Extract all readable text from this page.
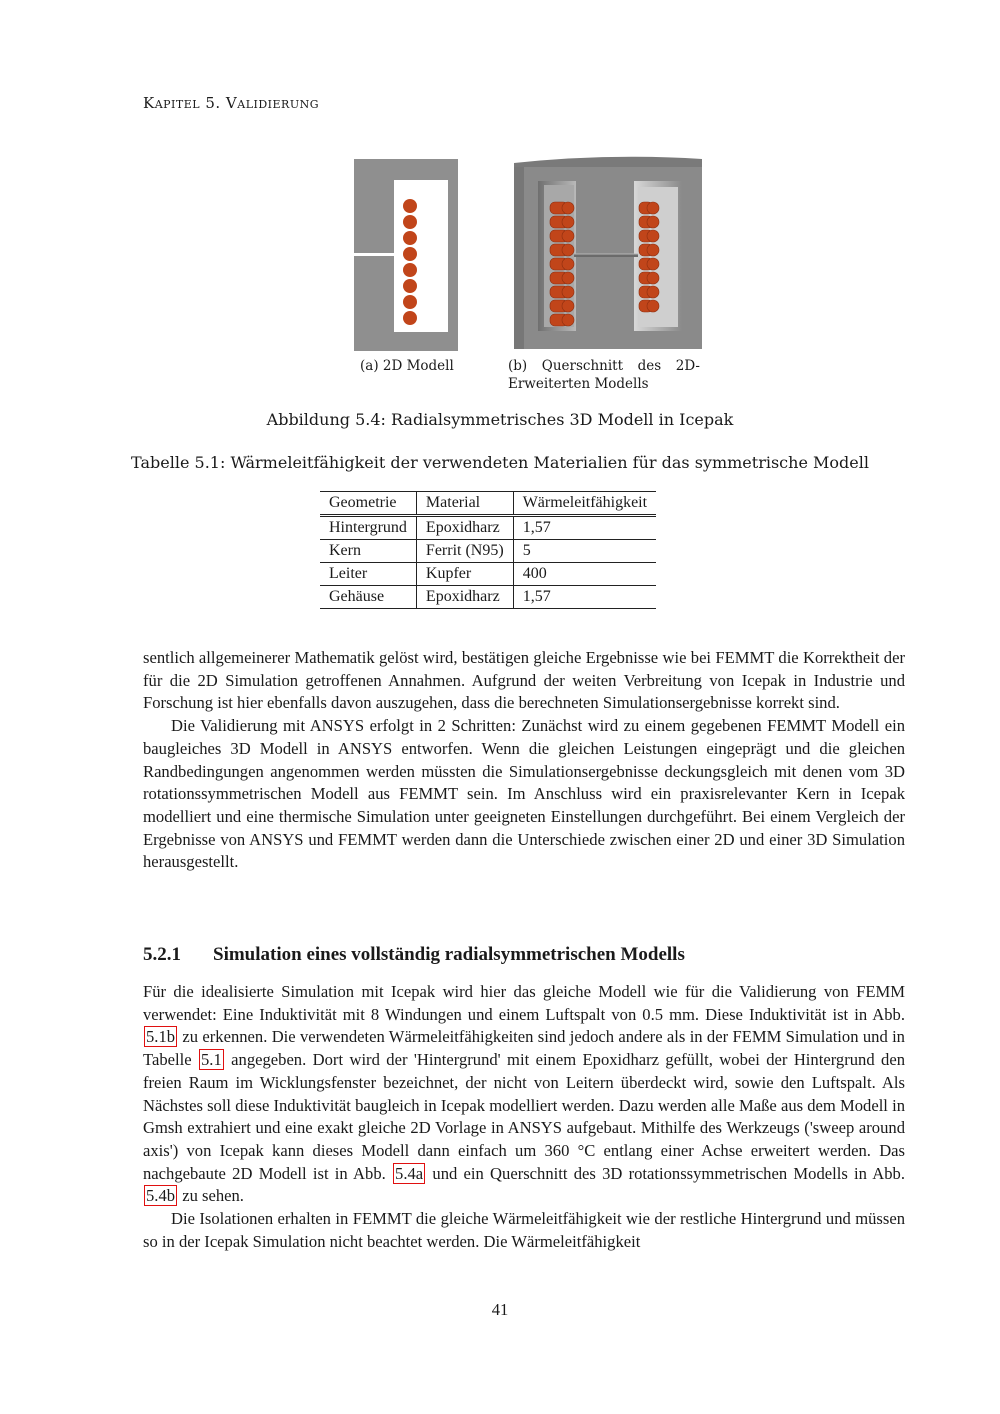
Kapitel 5. Validierung
(a) 2D Modell	(b) Querschnitt des 2D-Erweiterten Modells
Abbildung 5.4: Radialsymmetrisches 3D Modell in Icepak
Tabelle 5.1: Wärmeleitfähigkeit der verwendeten Materialien für das symmetrische Modell
Geometrie	Material	Wärmeleitfähigkeit
Hintergrund	Epoxidharz	1,57
Kern	Ferrit (N95)	5
Leiter	Kupfer	400
Gehäuse	Epoxidharz	1,57

sentlich allgemeinerer Mathematik gelöst wird, bestätigen gleiche Ergebnisse wie bei FEMMT die Korrektheit der für die 2D Simulation getroffenen Annahmen. Aufgrund der weiten Verbreitung von Icepak in Industrie und Forschung ist hier ebenfalls davon auszugehen, dass die berechneten Simulationsergebnisse korrekt sind.

Die Validierung mit ANSYS erfolgt in 2 Schritten: Zunächst wird zu einem gegebenen FEMMT Modell ein baugleiches 3D Modell in ANSYS entworfen. Wenn die gleichen Leistungen eingeprägt und die gleichen Randbedingungen angenommen werden müssten die Simulationsergebnisse deckungsgleich mit denen vom 3D rotationssymmetrischen Modell aus FEMMT sein. Im Anschluss wird ein praxisrelevanter Kern in Icepak modelliert und eine thermische Simulation unter geeigneten Einstellungen durchgeführt. Bei einem Vergleich der Ergebnisse von ANSYS und FEMMT werden dann die Unterschiede zwischen einer 2D und einer 3D Simulation herausgestellt.

5.2.1 Simulation eines vollständig radialsymmetrischen Modells

Für die idealisierte Simulation mit Icepak wird hier das gleiche Modell wie für die Validierung von FEMM verwendet: Eine Induktivität mit 8 Windungen und einem Luftspalt von 0.5 mm. Diese Induktivität ist in Abb. 5.1b zu erkennen. Die verwendeten Wärmeleitfähigkeiten sind jedoch andere als in der FEMM Simulation und in Tabelle 5.1 angegeben. Dort wird der 'Hintergrund' mit einem Epoxidharz gefüllt, wobei der Hintergrund den freien Raum im Wicklungsfenster bezeichnet, der nicht von Leitern überdeckt wird, sowie den Luftspalt. Als Nächstes soll diese Induktivität baugleich in Icepak modelliert werden. Dazu werden alle Maße aus dem Modell in Gmsh extrahiert und eine exakt gleiche 2D Vorlage in ANSYS aufgebaut. Mithilfe des Werkzeugs ('sweep around axis') von Icepak kann dieses Modell dann einfach um 360 °C entlang einer Achse erweitert werden. Das nachgebaute 2D Modell ist in Abb. 5.4a und ein Querschnitt des 3D rotationssymmetrischen Modells in Abb. 5.4b zu sehen.

Die Isolationen erhalten in FEMMT die gleiche Wärmeleitfähigkeit wie der restliche Hintergrund und müssen so in der Icepak Simulation nicht beachtet werden. Die Wärmeleitfähigkeit

41
